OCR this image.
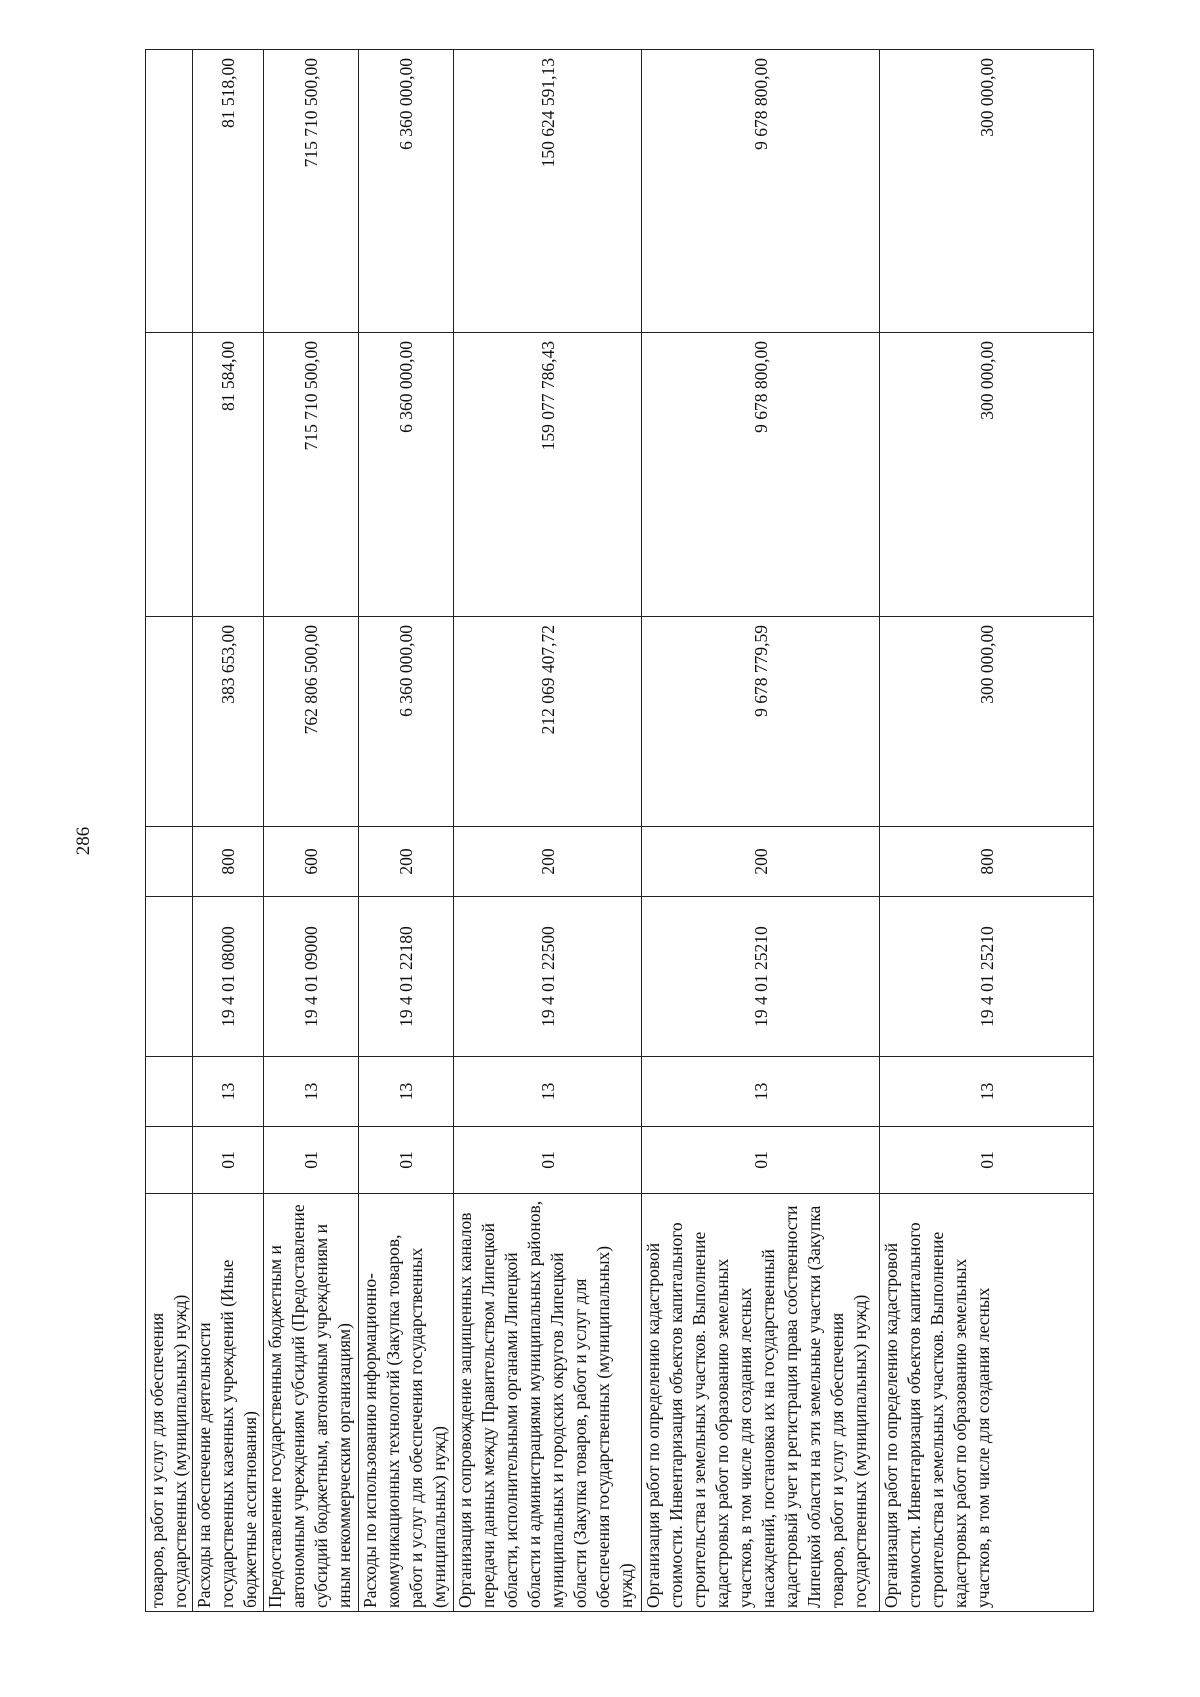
286
товаров, работ и услуг для обеспечения государственных (муниципальных) нужд)							
Расходы на обеспечение деятельности государственных казенных учреждений (Иные бюджетные ассигнования)	01	13	19 4 01 08000	800	383 653,00	81 584,00	81 518,00
Предоставление государственным бюджетным и автономным учреждениям субсидий (Предоставление субсидий бюджетным, автономным учреждениям и иным некоммерческим организациям)	01	13	19 4 01 09000	600	762 806 500,00	715 710 500,00	715 710 500,00
Расходы по использованию информационно-коммуникационных технологий (Закупка товаров, работ и услуг для обеспечения государственных (муниципальных) нужд)	01	13	19 4 01 22180	200	6 360 000,00	6 360 000,00	6 360 000,00
Организация и сопровождение защищенных каналов передачи данных между Правительством Липецкой области, исполнительными органами Липецкой области и администрациями муниципальных районов, муниципальных и городских округов Липецкой области (Закупка товаров, работ и услуг для обеспечения государственных (муниципальных) нужд)	01	13	19 4 01 22500	200	212 069 407,72	159 077 786,43	150 624 591,13
Организация работ по определению кадастровой стоимости. Инвентаризация объектов капитального строительства и земельных участков. Выполнение кадастровых работ по образованию земельных участков, в том числе для создания лесных насаждений, постановка их на государственный кадастровый учет и регистрация права собственности Липецкой области на эти земельные участки (Закупка товаров, работ и услуг для обеспечения государственных (муниципальных) нужд)	01	13	19 4 01 25210	200	9 678 779,59	9 678 800,00	9 678 800,00
Организация работ по определению кадастровой стоимости. Инвентаризация объектов капитального строительства и земельных участков. Выполнение кадастровых работ по образованию земельных участков, в том числе для создания лесных	01	13	19 4 01 25210	800	300 000,00	300 000,00	300 000,00
